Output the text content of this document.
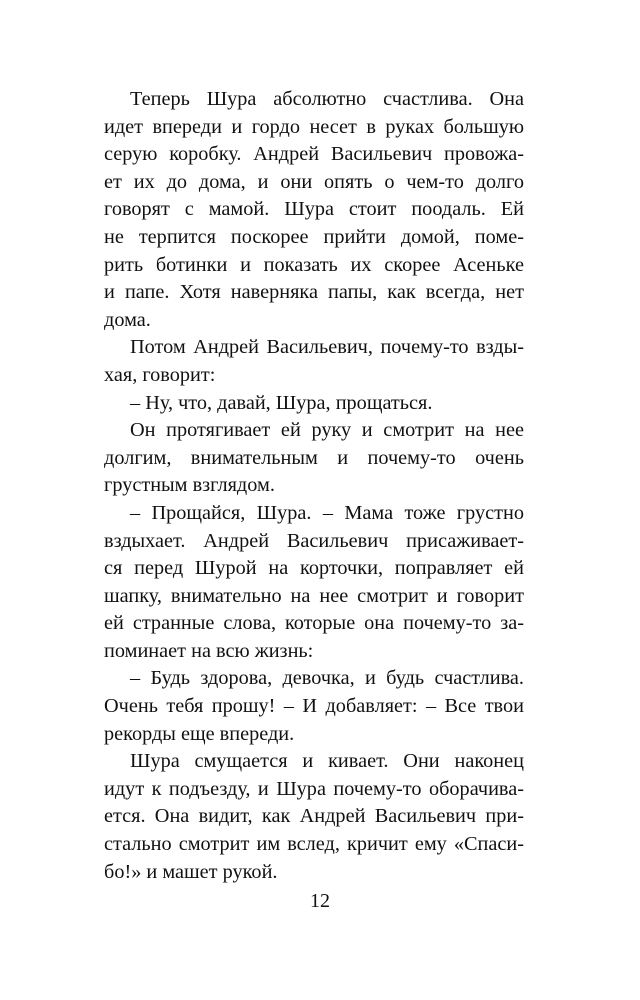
Теперь Шура абсолютно счастлива. Она
идет впереди и гордо несет в руках большую
серую коробку. Андрей Васильевич провожа-
ет их до дома, и они опять о чем-то долго
говорят с мамой. Шура стоит поодаль. Ей
не терпится поскорее прийти домой, поме-
рить ботинки и показать их скорее Асеньке
и папе. Хотя наверняка папы, как всегда, нет
дома.
Потом Андрей Васильевич, почему-то взды-
хая, говорит:
– Ну, что, давай, Шура, прощаться.
Он протягивает ей руку и смотрит на нее
долгим, внимательным и почему-то очень
грустным взглядом.
– Прощайся, Шура. – Мама тоже грустно
вздыхает. Андрей Васильевич присаживает-
ся перед Шурой на корточки, поправляет ей
шапку, внимательно на нее смотрит и говорит
ей странные слова, которые она почему-то за-
поминает на всю жизнь:
– Будь здорова, девочка, и будь счастлива.
Очень тебя прошу! – И добавляет: – Все твои
рекорды еще впереди.
Шура смущается и кивает. Они наконец
идут к подъезду, и Шура почему-то оборачива-
ется. Она видит, как Андрей Васильевич при-
стально смотрит им вслед, кричит ему «Спаси-
бо!» и машет рукой.
12
